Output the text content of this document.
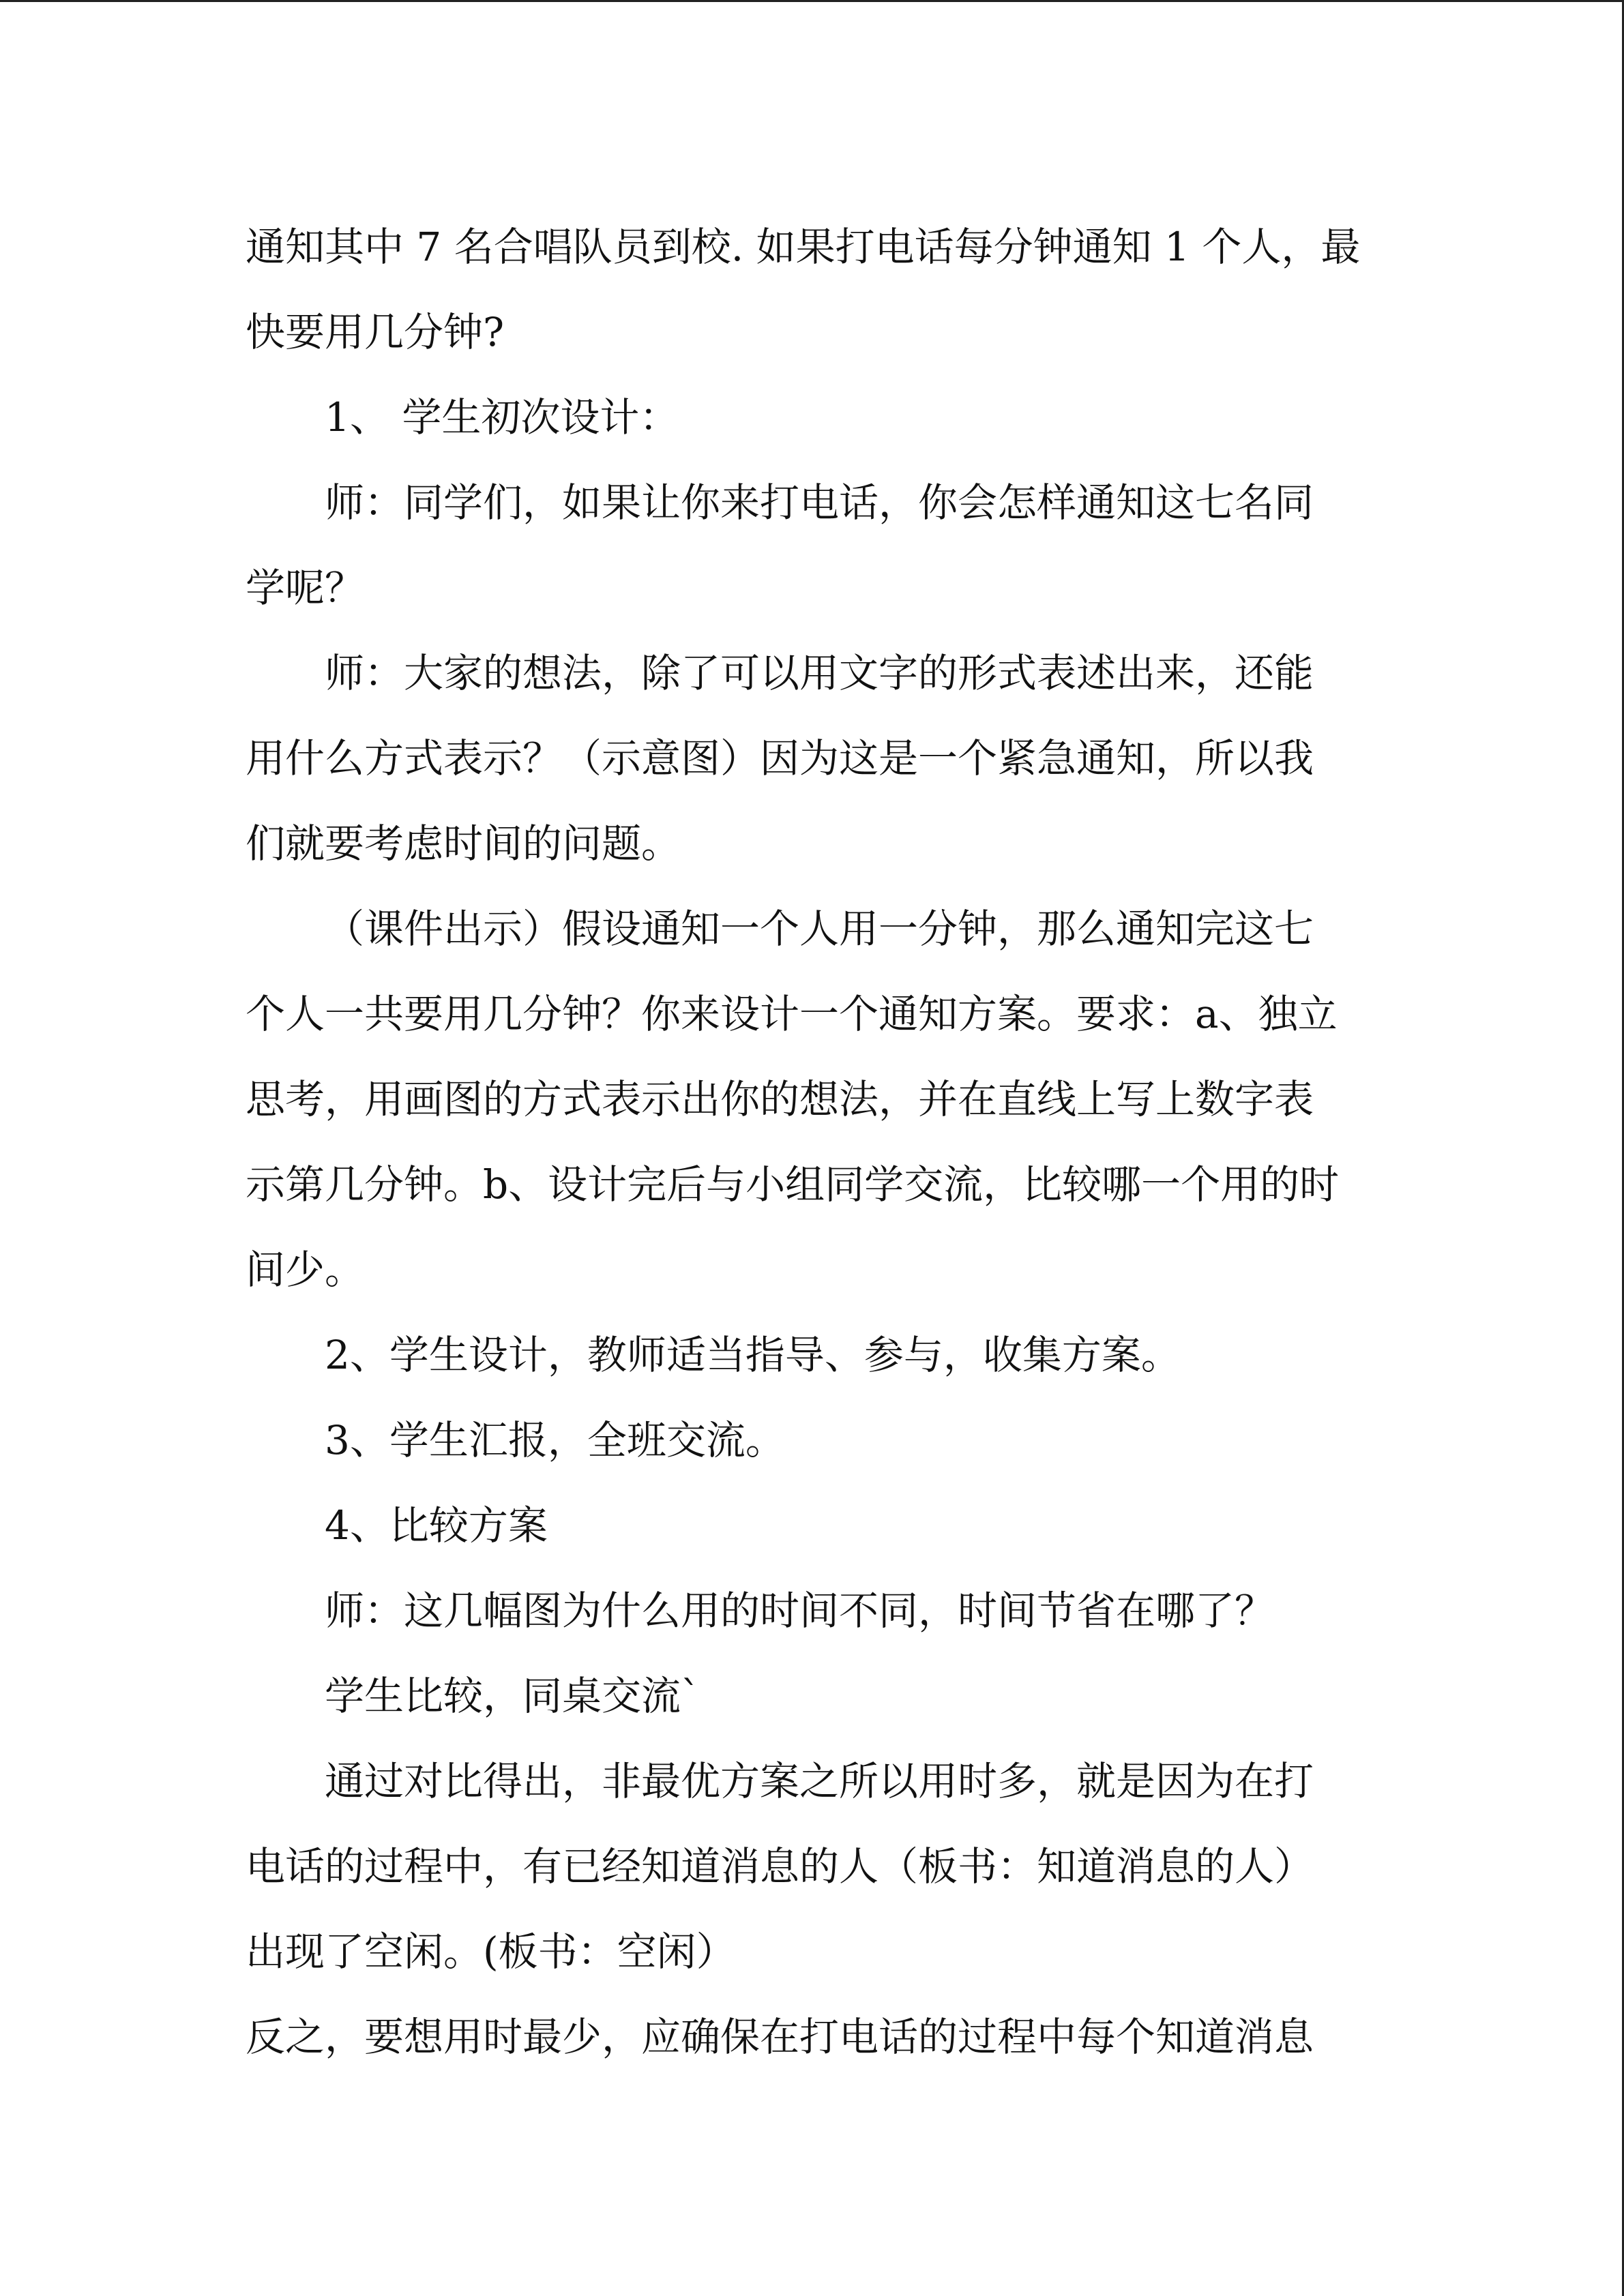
通知其中 7 名合唱队员到校. 如果打电话每分钟通知 1 个人，最
快要用几分钟?
1、 学生初次设计：
师：同学们，如果让你来打电话，你会怎样通知这七名同
学呢？
师：大家的想法，除了可以用文字的形式表述出来，还能
用什么方式表示？（示意图）因为这是一个紧急通知，所以我
们就要考虑时间的问题。
（课件出示）假设通知一个人用一分钟，那么通知完这七
个人一共要用几分钟？你来设计一个通知方案。要求：a、独立
思考，用画图的方式表示出你的想法，并在直线上写上数字表
示第几分钟。b、设计完后与小组同学交流，比较哪一个用的时
间少。
2、学生设计，教师适当指导、参与，收集方案。
3、学生汇报，全班交流。
4、比较方案
师：这几幅图为什么用的时间不同，时间节省在哪了？
学生比较，同桌交流`
通过对比得出，非最优方案之所以用时多，就是因为在打
电话的过程中，有已经知道消息的人（板书：知道消息的人）
出现了空闲。(板书：空闲）
反之，要想用时最少，应确保在打电话的过程中每个知道消息
